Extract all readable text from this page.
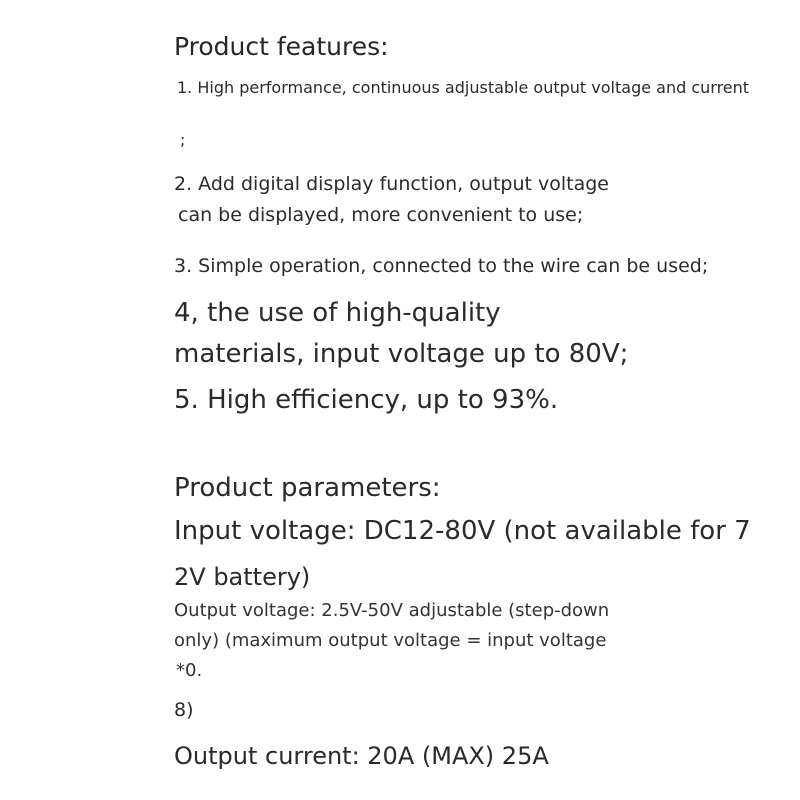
Product features:

1. High performance, continuous adjustable output voltage and current

;

2. Add digital display function, output voltage

can be displayed, more convenient to use;

3. Simple operation, connected to the wire can be used;

4, the use of high-quality

materials, input voltage up to 80V;

5. High efficiency, up to 93%.

Product parameters:

Input voltage: DC12-80V (not available for 7

2V battery)

Output voltage: 2.5V-50V adjustable (step-down

only) (maximum output voltage = input voltage

*0.

8)

Output current: 20A (MAX) 25A
